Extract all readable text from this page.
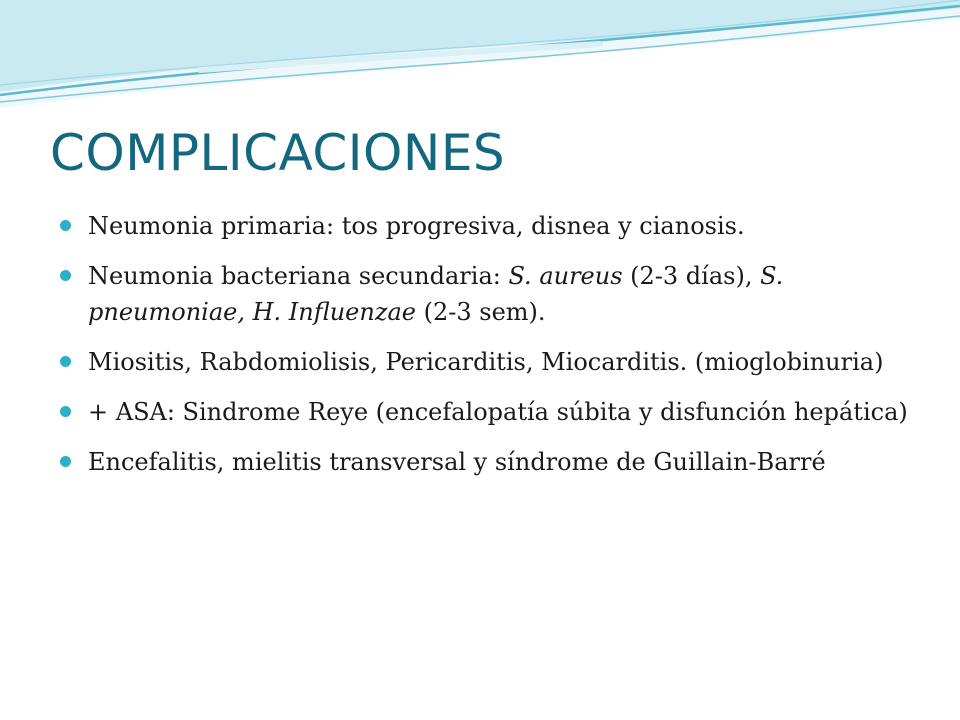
COMPLICACIONES
Neumonia primaria: tos progresiva, disnea y cianosis.
Neumonia bacteriana secundaria: S. aureus (2-3 días), S. pneumoniae, H. Influenzae (2-3 sem).
Miositis, Rabdomiolisis, Pericarditis, Miocarditis. (mioglobinuria)
+ ASA: Sindrome Reye (encefalopatía súbita y disfunción hepática)
Encefalitis, mielitis transversal y síndrome de Guillain-Barré
